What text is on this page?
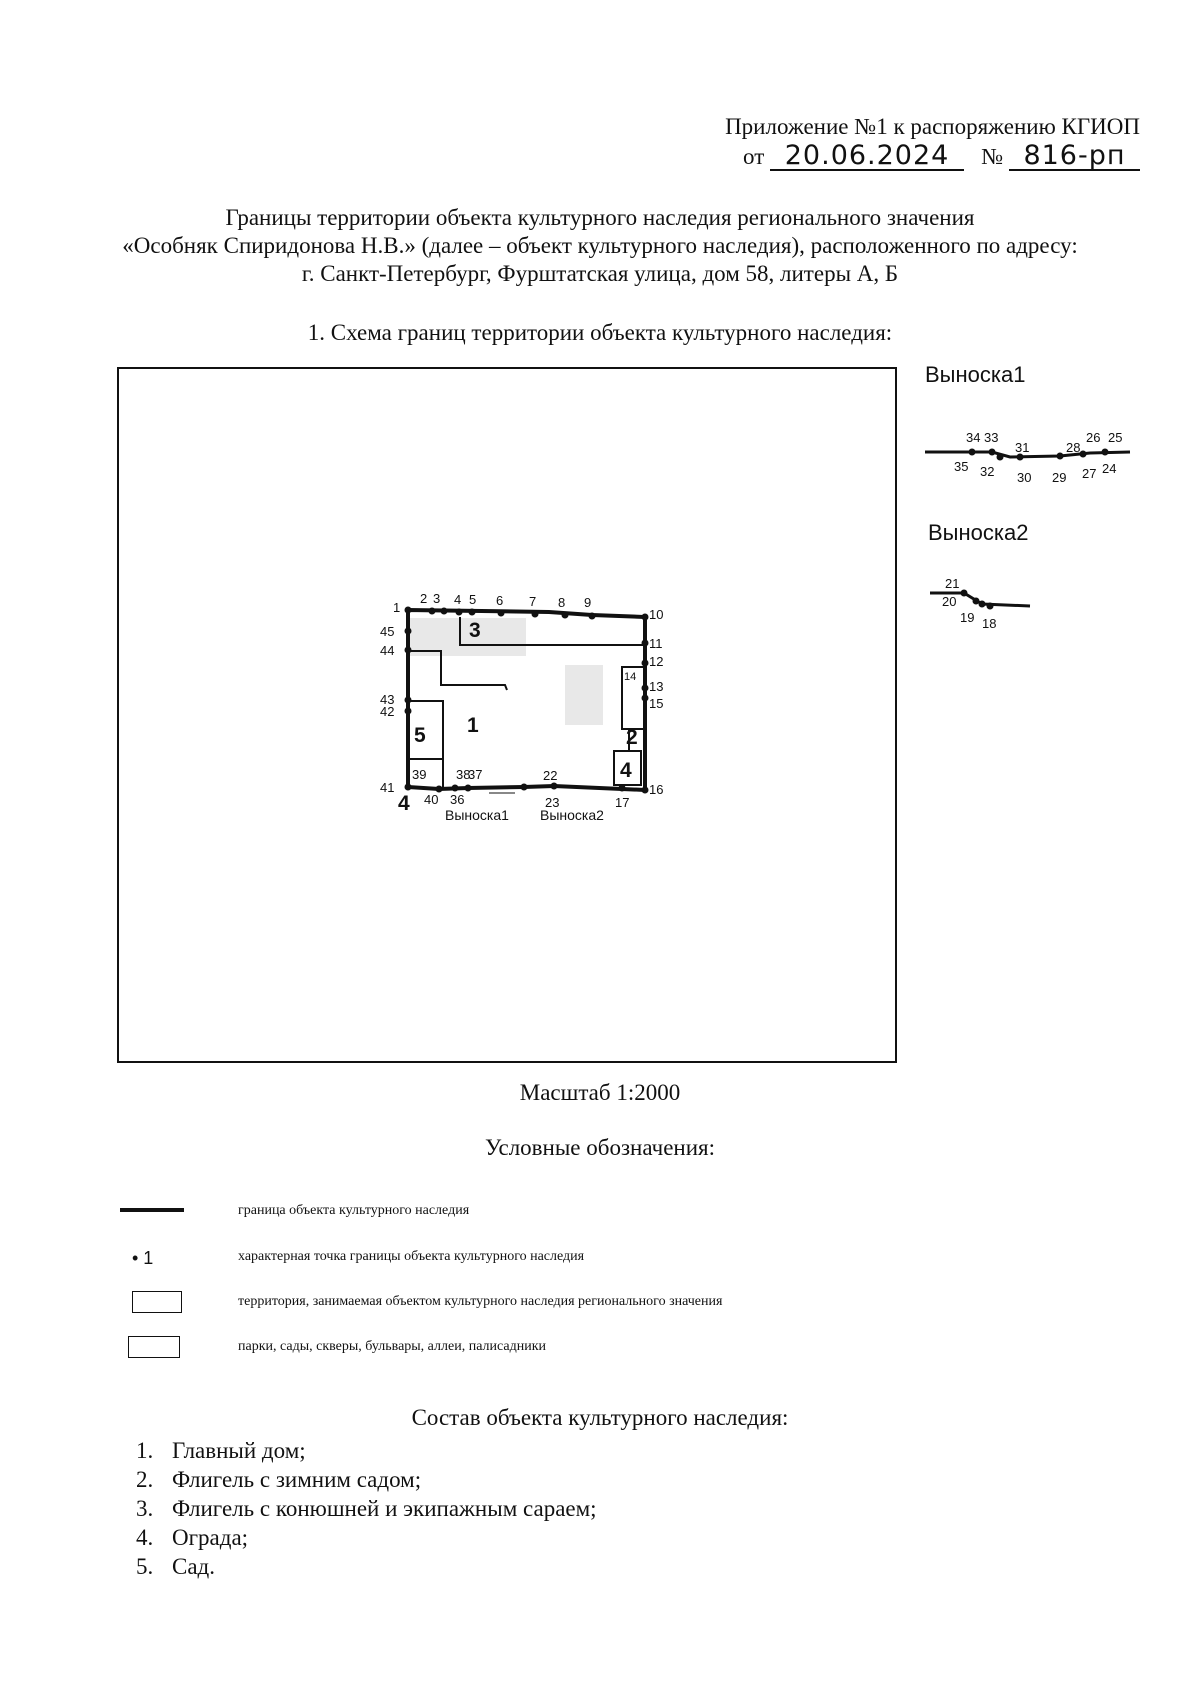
Приложение №1 к распоряжению КГИОП
от 20.06.2024 № 816-рп
Границы территории объекта культурного наследия регионального значения
«Особняк Спиридонова Н.В.» (далее – объект культурного наследия), расположенного по адресу:
г. Санкт-Петербург, Фурштатская улица, дом 58, литеры А, Б
1. Схема границ территории объекта культурного наследия:
1
2 3 4 5 6 7 8 9
10
11
12
13
14
15
16
17
22
23
36
37
38
39
40
41
42
43
44
45	3
1
5	2
4
4	Выноска1 Выноска2
Выноска1
34 33
31	28
26 25
35 32 30 29 27 24
Выноска2
21
20
19 18
Масштаб 1:2000
Условные обозначения:
граница объекта культурного наследия
• 1	характерная точка границы объекта культурного наследия
территория, занимаемая объектом культурного наследия регионального значения
парки, сады, скверы, бульвары, аллеи, палисадники
Состав объекта культурного наследия:
1. Главный дом;
2. Флигель с зимним садом;
3. Флигель с конюшней и экипажным сараем;
4. Ограда;
5. Сад.
